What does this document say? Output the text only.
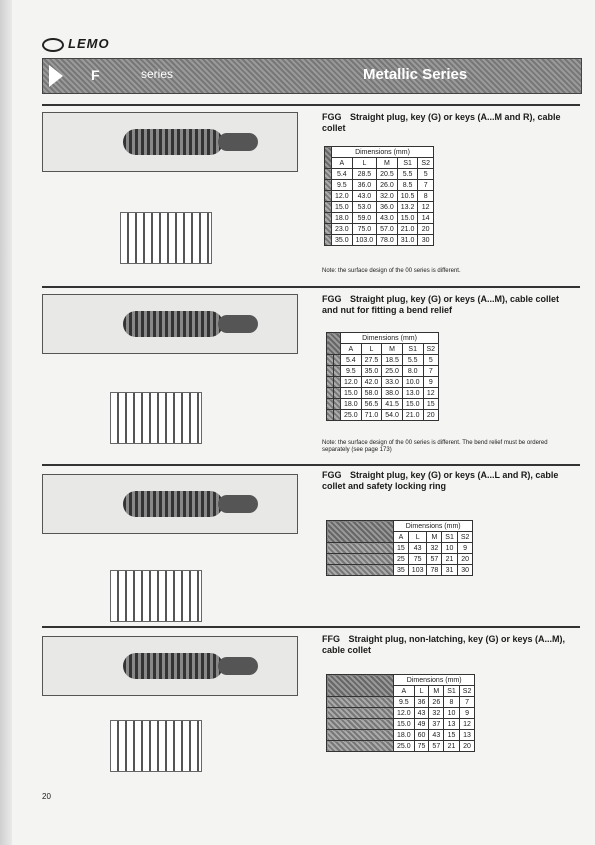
LEMO
F	series	Metallic Series
FGG Straight plug, key (G) or keys (A...M and R), cable collet
	Dimensions (mm)				
	A	L	M	S1	S2
	5.4	28.5	20.5	5.5	5
	9.5	36.0	26.0	8.5	7
	12.0	43.0	32.0	10.5	8
	15.0	53.0	36.0	13.2	12
	18.0	59.0	43.0	15.0	14
	23.0	75.0	57.0	21.0	20
	35.0	103.0	78.0	31.0	30
Note: the surface design of the 00 series is different.
FGG Straight plug, key (G) or keys (A...M), cable collet and nut for fitting a bend relief
		Dimensions (mm)				
		A	L	M	S1	S2
		5.4	27.5	18.5	5.5	5
		9.5	35.0	25.0	8.0	7
		12.0	42.0	33.0	10.0	9
		15.0	58.0	38.0	13.0	12
		18.0	56.5	41.5	15.0	15
		25.0	71.0	54.0	21.0	20
Note: the surface design of the 00 series is different. The bend relief must be ordered separately (see page 173)
FGG Straight plug, key (G) or keys (A...L and R), cable collet and safety locking ring
	Dimensions (mm)				
	A	L	M	S1	S2
	15	43	32	10	9
	25	75	57	21	20
	35	103	78	31	30
FFG Straight plug, non-latching, key (G) or keys (A...M), cable collet
	Dimensions (mm)				
	A	L	M	S1	S2
	9.5	36	26	8	7
	12.0	43	32	10	9
	15.0	49	37	13	12
	18.0	60	43	15	13
	25.0	75	57	21	20
20
